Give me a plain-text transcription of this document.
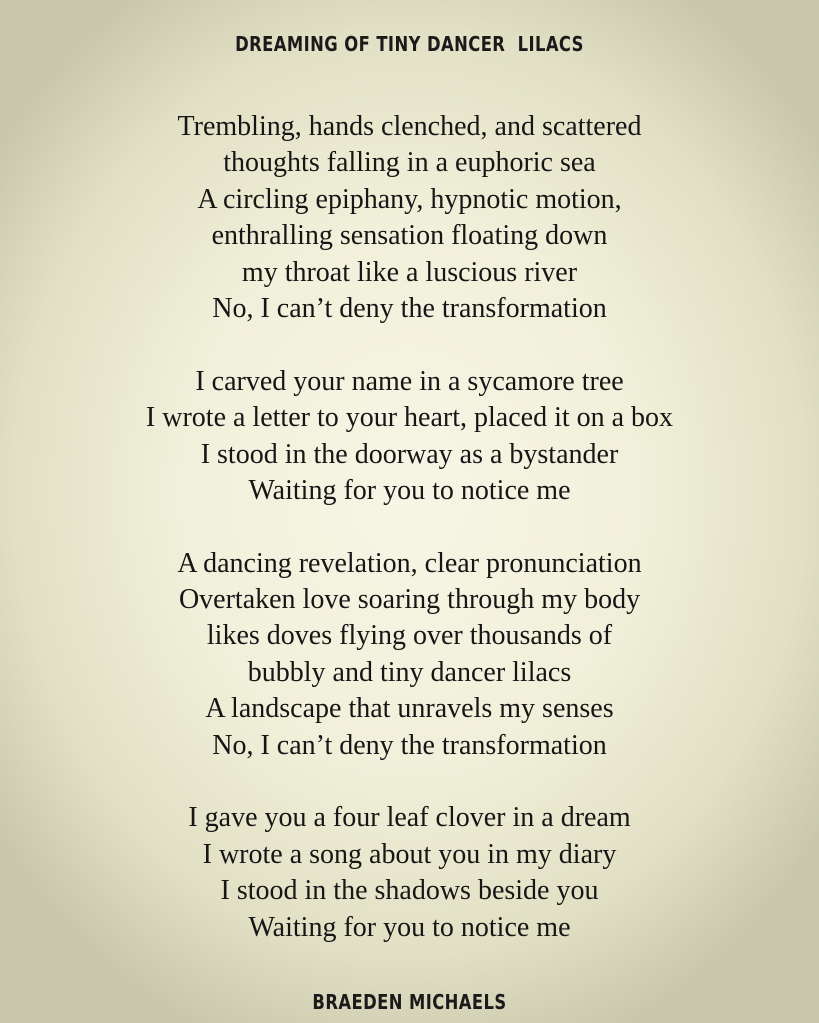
DREAMING OF TINY DANCER  LILACS
Trembling, hands clenched, and scattered
thoughts falling in a euphoric sea
A circling epiphany, hypnotic motion,
enthralling sensation floating down
my throat like a luscious river
No, I can’t deny the transformation
I carved your name in a sycamore tree
I wrote a letter to your heart, placed it on a box
I stood in the doorway as a bystander
Waiting for you to notice me
A dancing revelation, clear pronunciation
Overtaken love soaring through my body
likes doves flying over thousands of
bubbly and tiny dancer lilacs
A landscape that unravels my senses
No, I can’t deny the transformation
I gave you a four leaf clover in a dream
I wrote a song about you in my diary
I stood in the shadows beside you
Waiting for you to notice me

BRAEDEN MICHAELS
